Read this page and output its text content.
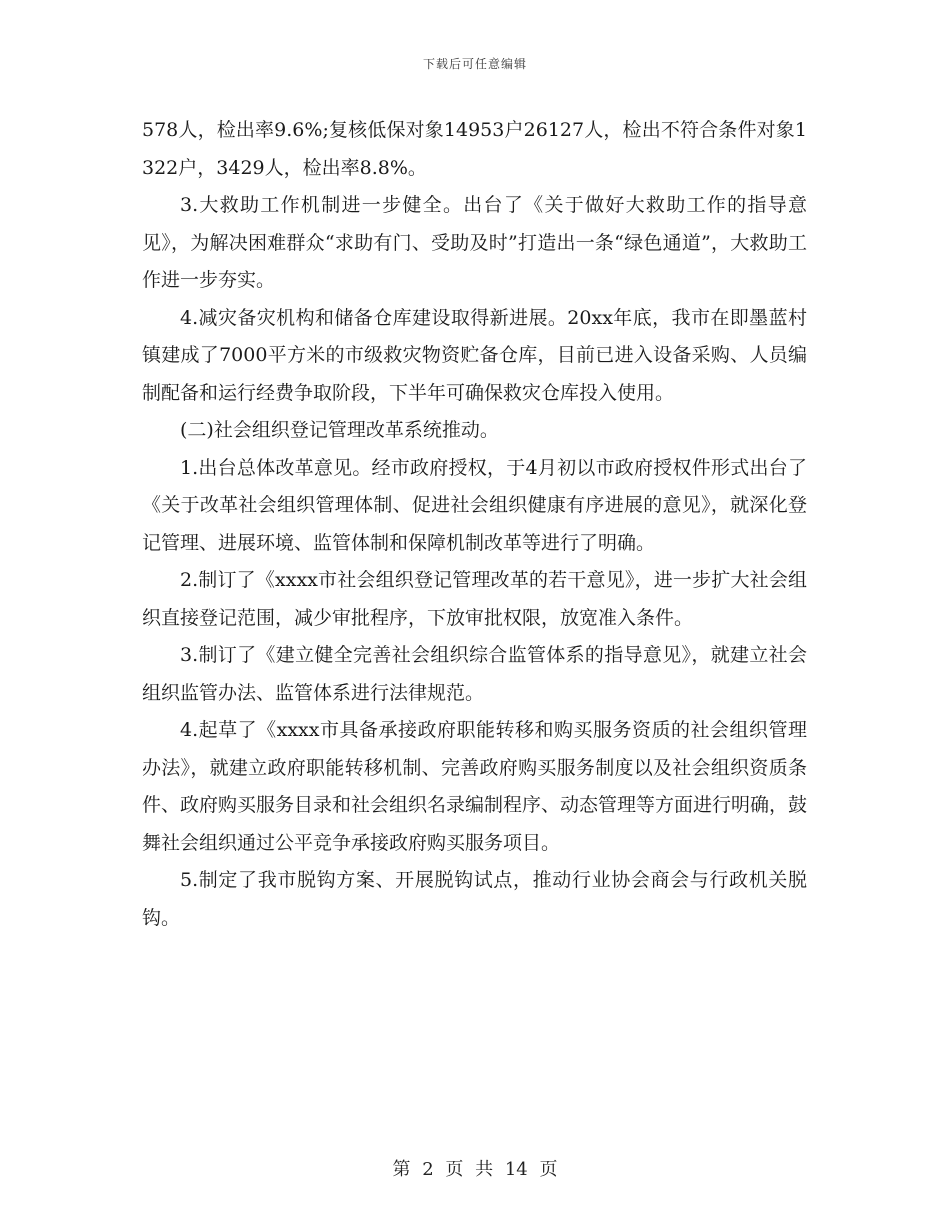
下载后可任意编辑

578人，检出率9.6%;复核低保对象14953户26127人，检出不符合条件对象1322户，3429人，检出率8.8%。

3.大救助工作机制进一步健全。出台了《关于做好大救助工作的指导意见》，为解决困难群众“求助有门、受助及时”打造出一条“绿色通道”，大救助工作进一步夯实。

4.减灾备灾机构和储备仓库建设取得新进展。20xx年底，我市在即墨蓝村镇建成了7000平方米的市级救灾物资贮备仓库，目前已进入设备采购、人员编制配备和运行经费争取阶段，下半年可确保救灾仓库投入使用。

(二)社会组织登记管理改革系统推动。

1.出台总体改革意见。经市政府授权，于4月初以市政府授权件形式出台了《关于改革社会组织管理体制、促进社会组织健康有序进展的意见》，就深化登记管理、进展环境、监管体制和保障机制改革等进行了明确。

2.制订了《xxxx市社会组织登记管理改革的若干意见》，进一步扩大社会组织直接登记范围，减少审批程序，下放审批权限，放宽准入条件。

3.制订了《建立健全完善社会组织综合监管体系的指导意见》，就建立社会组织监管办法、监管体系进行法律规范。

4.起草了《xxxx市具备承接政府职能转移和购买服务资质的社会组织管理办法》，就建立政府职能转移机制、完善政府购买服务制度以及社会组织资质条件、政府购买服务目录和社会组织名录编制程序、动态管理等方面进行明确，鼓舞社会组织通过公平竞争承接政府购买服务项目。

5.制定了我市脱钩方案、开展脱钩试点，推动行业协会商会与行政机关脱钩。

第 2 页 共 14 页
